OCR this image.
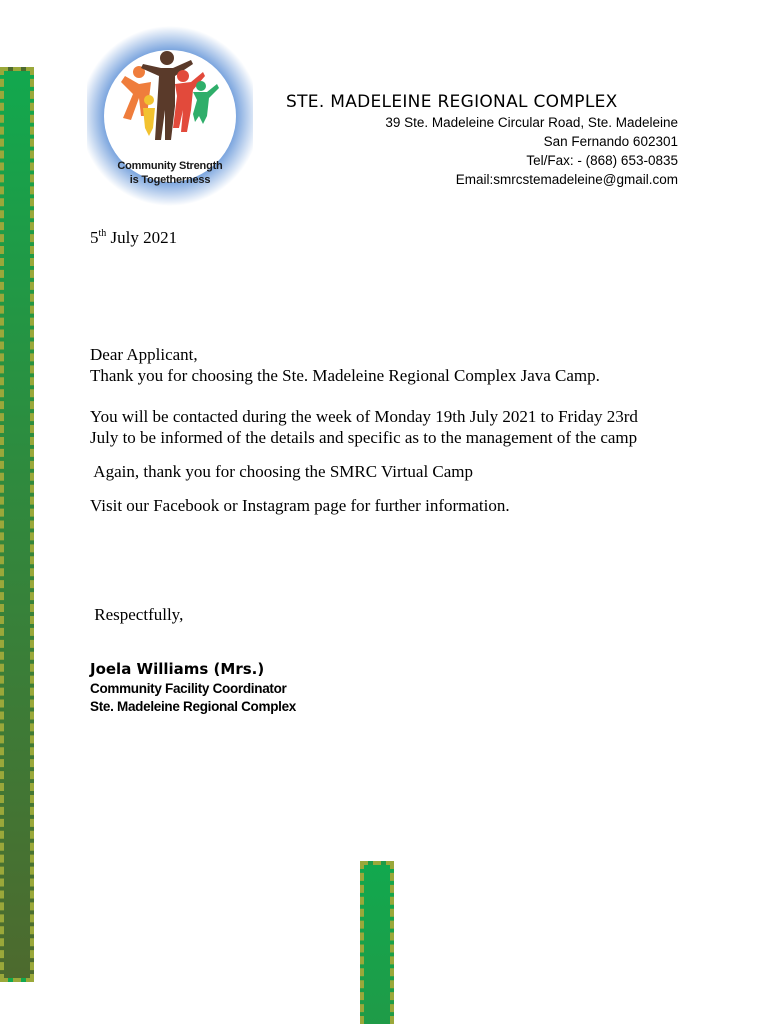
Community Strength
is Togetherness
STE. MADELEINE REGIONAL COMPLEX
39 Ste. Madeleine Circular Road, Ste. Madeleine
San Fernando 602301
Tel/Fax: - (868) 653-0835
Email:smrcstemadeleine@gmail.com
5th July 2021
Dear Applicant,
Thank you for choosing the Ste. Madeleine Regional Complex Java Camp.
You will be contacted during the week of Monday 19th July 2021 to Friday 23rd
July to be informed of the details and specific as to the management of the camp
Again, thank you for choosing the SMRC Virtual Camp
Visit our Facebook or Instagram page for further information.
Respectfully,
Joela Williams (Mrs.)
Community Facility Coordinator
Ste. Madeleine Regional Complex
